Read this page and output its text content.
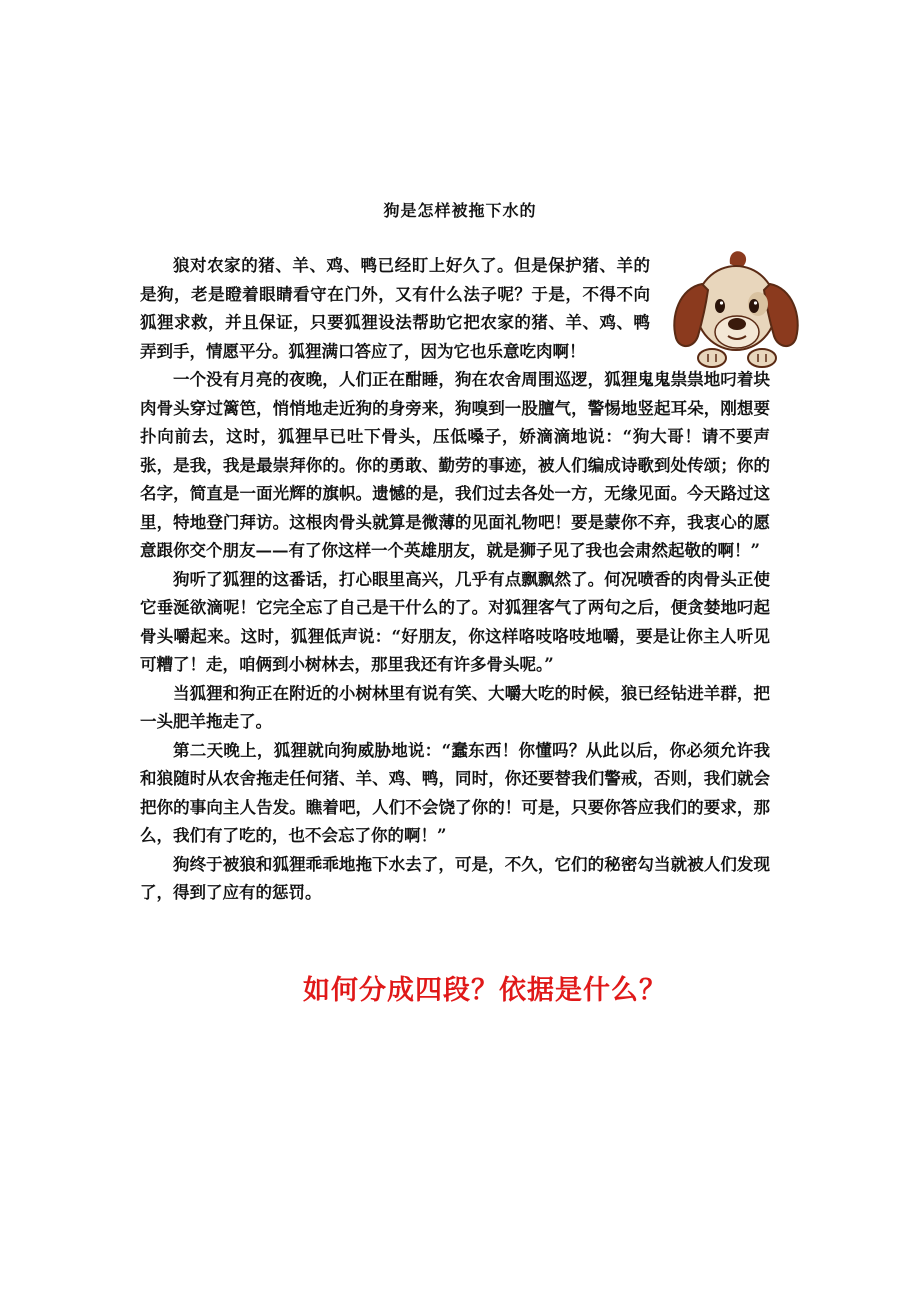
狗是怎样被拖下水的

狼对农家的猪、羊、鸡、鸭已经盯上好久了。但是保护猪、羊的是狗，老是瞪着眼睛看守在门外，又有什么法子呢？于是，不得不向狐狸求救，并且保证，只要狐狸设法帮助它把农家的猪、羊、鸡、鸭弄到手，情愿平分。狐狸满口答应了，因为它也乐意吃肉啊！

一个没有月亮的夜晚，人们正在酣睡，狗在农舍周围巡逻，狐狸鬼鬼祟祟地叼着块肉骨头穿过篱笆，悄悄地走近狗的身旁来，狗嗅到一股膻气，警惕地竖起耳朵，刚想要扑向前去，这时，狐狸早已吐下骨头，压低嗓子，娇滴滴地说：“狗大哥！请不要声张，是我，我是最崇拜你的。你的勇敢、勤劳的事迹，被人们编成诗歌到处传颂；你的名字，简直是一面光辉的旗帜。遗憾的是，我们过去各处一方，无缘见面。今天路过这里，特地登门拜访。这根肉骨头就算是微薄的见面礼物吧！要是蒙你不弃，我衷心的愿意跟你交个朋友——有了你这样一个英雄朋友，就是狮子见了我也会肃然起敬的啊！”

狗听了狐狸的这番话，打心眼里高兴，几乎有点飘飘然了。何况喷香的肉骨头正使它垂涎欲滴呢！它完全忘了自己是干什么的了。对狐狸客气了两句之后，便贪婪地叼起骨头嚼起来。这时，狐狸低声说：“好朋友，你这样咯吱咯吱地嚼，要是让你主人听见可糟了！走，咱俩到小树林去，那里我还有许多骨头呢。”

当狐狸和狗正在附近的小树林里有说有笑、大嚼大吃的时候，狼已经钻进羊群，把一头肥羊拖走了。

第二天晚上，狐狸就向狗威胁地说：“蠢东西！你懂吗？从此以后，你必须允许我和狼随时从农舍拖走任何猪、羊、鸡、鸭，同时，你还要替我们警戒，否则，我们就会把你的事向主人告发。瞧着吧，人们不会饶了你的！可是，只要你答应我们的要求，那么，我们有了吃的，也不会忘了你的啊！”

狗终于被狼和狐狸乖乖地拖下水去了，可是，不久，它们的秘密勾当就被人们发现了，得到了应有的惩罚。

如何分成四段？依据是什么？
